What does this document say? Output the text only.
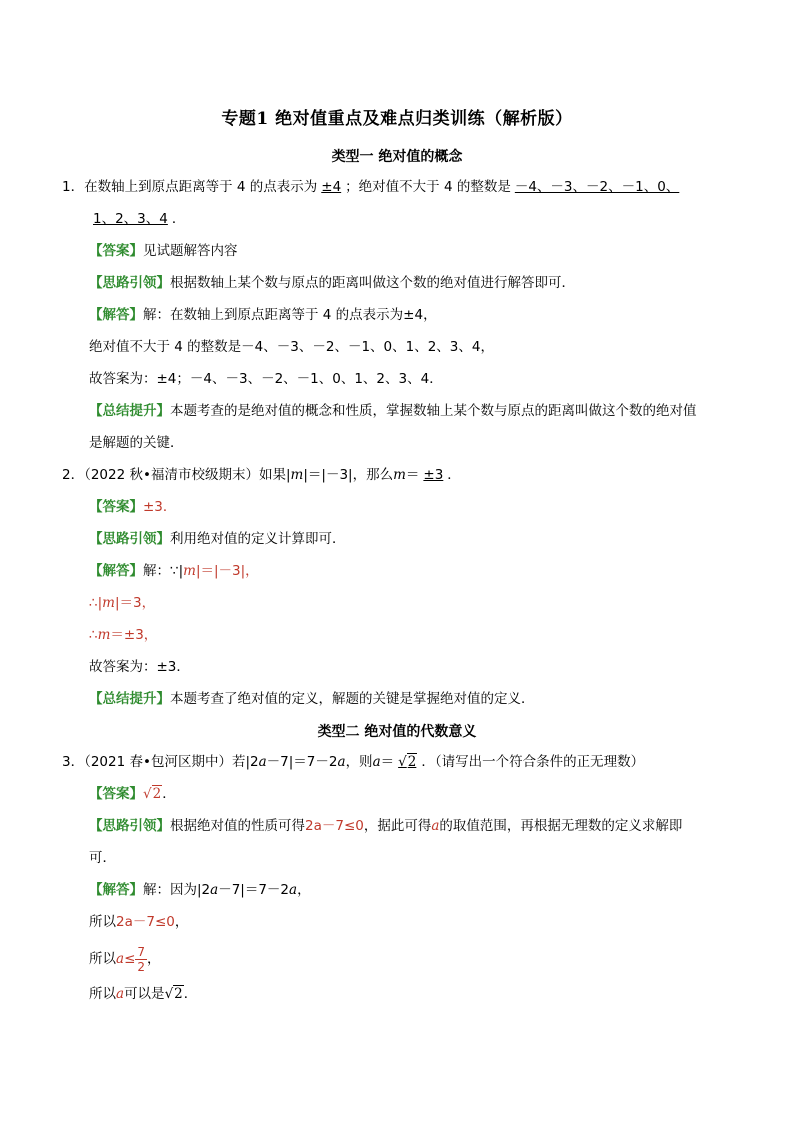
专题1 绝对值重点及难点归类训练（解析版）
类型一 绝对值的概念
1．在数轴上到原点距离等于 4 的点表示为 ±4 ；绝对值不大于 4 的整数是 －4、－3、－2、－1、0、
1、2、3、4 ．
【答案】见试题解答内容
【思路引领】根据数轴上某个数与原点的距离叫做这个数的绝对值进行解答即可．
【解答】解：在数轴上到原点距离等于 4 的点表示为±4，
绝对值不大于 4 的整数是－4、－3、－2、－1、0、1、2、3、4，
故答案为：±4；－4、－3、－2、－1、0、1、2、3、4．
【总结提升】本题考查的是绝对值的概念和性质，掌握数轴上某个数与原点的距离叫做这个数的绝对值
是解题的关键．
2．（2022 秋•福清市校级期末）如果|m|＝|－3|，那么m＝ ±3 ．
【答案】±3．
【思路引领】利用绝对值的定义计算即可．
【解答】解：∵|m|＝|－3|，
∴|m|＝3，
∴m＝±3，
故答案为：±3．
【总结提升】本题考查了绝对值的定义，解题的关键是掌握绝对值的定义．
类型二 绝对值的代数意义
3．（2021 春•包河区期中）若|2a－7|＝7－2a，则a＝ √2 ．（请写出一个符合条件的正无理数）
【答案】√2．
【思路引领】根据绝对值的性质可得2a－7≤0，据此可得a的取值范围，再根据无理数的定义求解即
可．
【解答】解：因为|2a－7|＝7－2a，
所以2a－7≤0，
所以$a\le \frac{7}{2}$ ，
所以a可以是√2．
